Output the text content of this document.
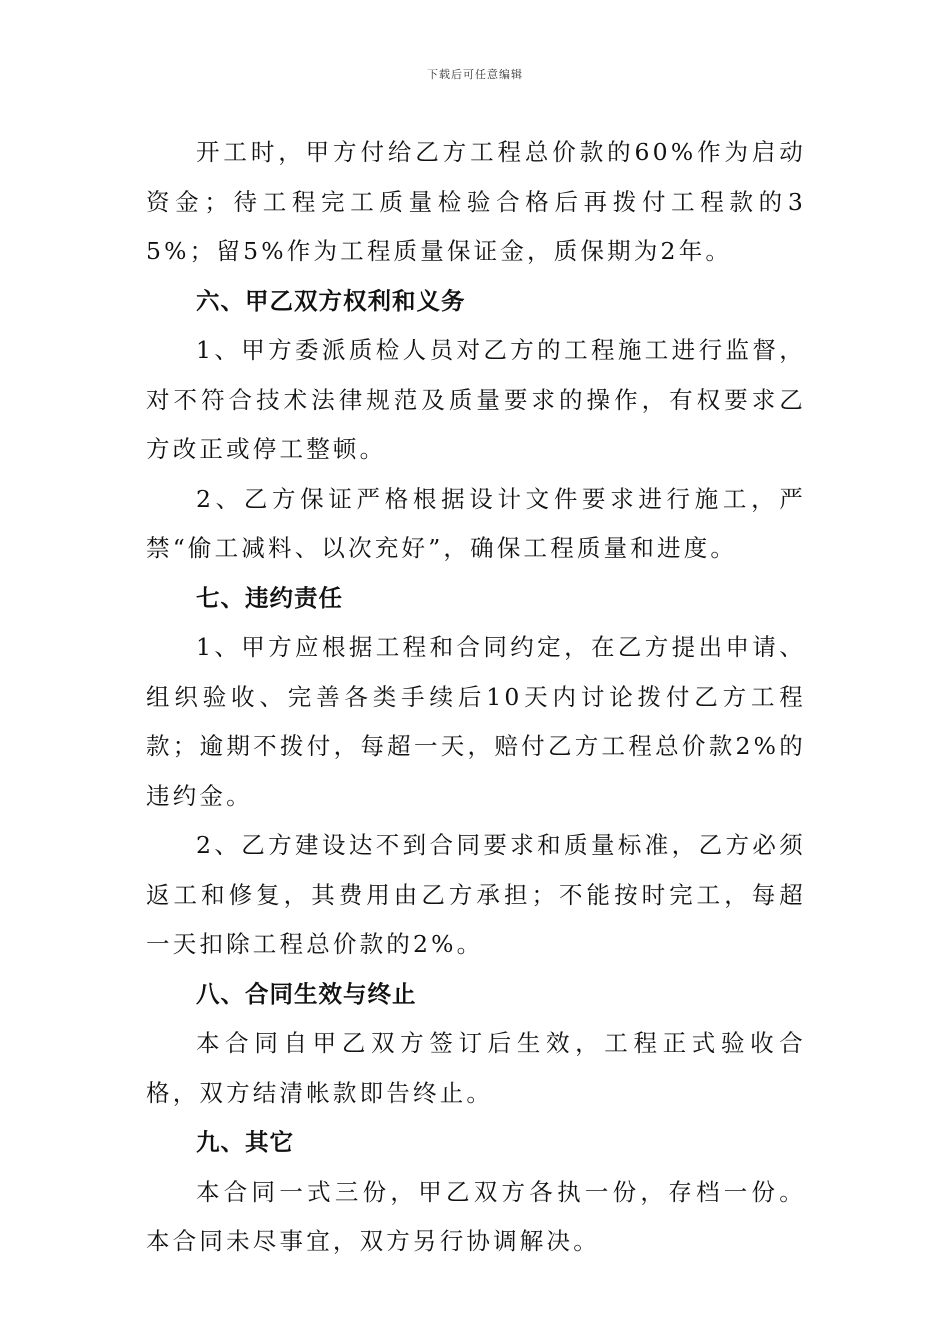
下载后可任意编辑

开工时，甲方付给乙方工程总价款的60%作为启动资金；待工程完工质量检验合格后再拨付工程款的35%；留5%作为工程质量保证金，质保期为2年。

六、甲乙双方权利和义务

1、甲方委派质检人员对乙方的工程施工进行监督，对不符合技术法律规范及质量要求的操作，有权要求乙方改正或停工整顿。

2、乙方保证严格根据设计文件要求进行施工，严禁“偷工减料、以次充好”，确保工程质量和进度。

七、违约责任

1、甲方应根据工程和合同约定，在乙方提出申请、组织验收、完善各类手续后10天内讨论拨付乙方工程款；逾期不拨付，每超一天，赔付乙方工程总价款2%的违约金。

2、乙方建设达不到合同要求和质量标准，乙方必须返工和修复，其费用由乙方承担；不能按时完工，每超一天扣除工程总价款的2%。

八、合同生效与终止

本合同自甲乙双方签订后生效，工程正式验收合格，双方结清帐款即告终止。

九、其它

本合同一式三份，甲乙双方各执一份，存档一份。本合同未尽事宜，双方另行协调解决。
